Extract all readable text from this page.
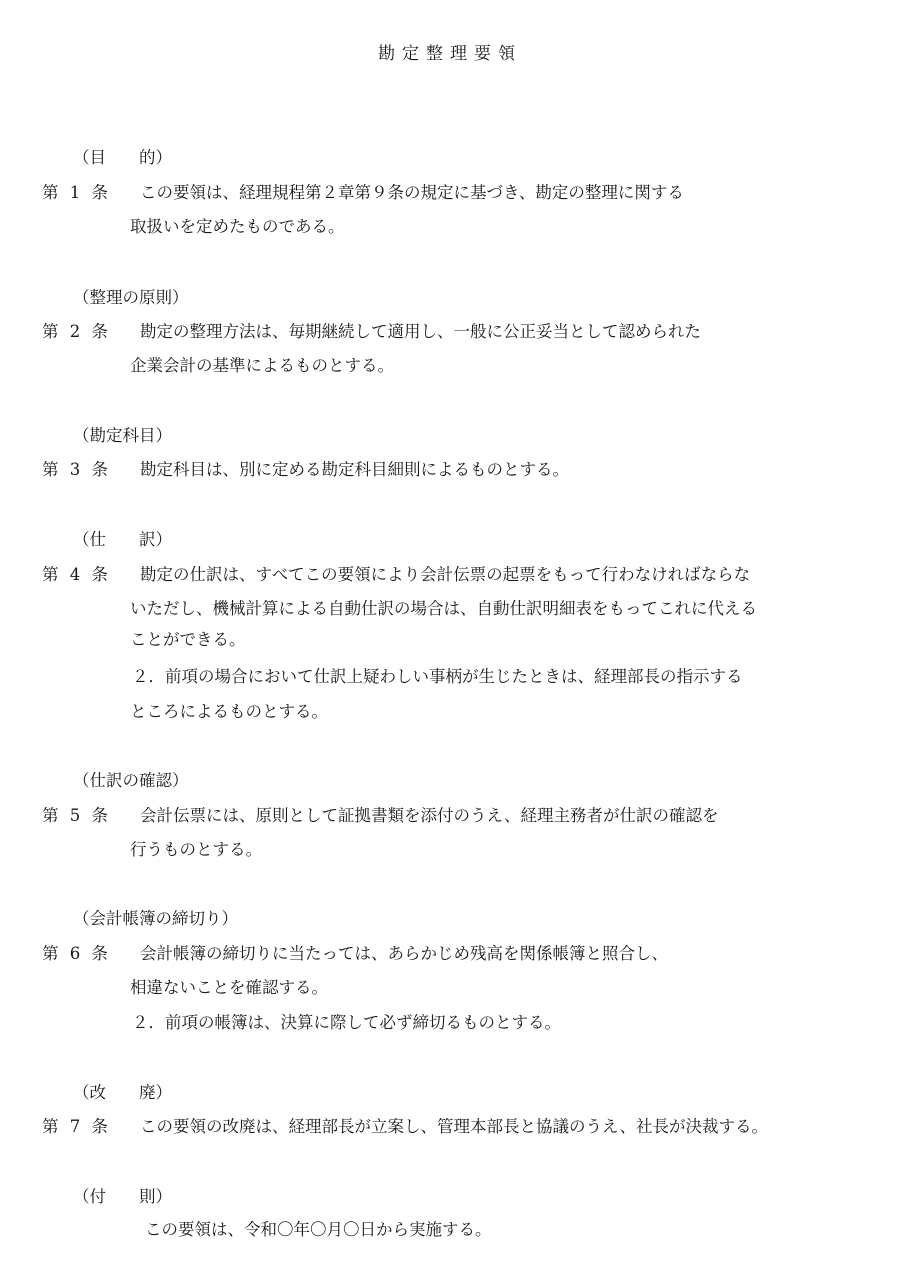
勘定整理要領
（目　　的）
第 1 条 この要領は、経理規程第２章第９条の規定に基づき、勘定の整理に関する
取扱いを定めたものである。
（整理の原則）
第 2 条 勘定の整理方法は、毎期継続して適用し、一般に公正妥当として認められた
企業会計の基準によるものとする。
（勘定科目）
第 3 条 勘定科目は、別に定める勘定科目細則によるものとする。
（仕　　訳）
第 4 条 勘定の仕訳は、すべてこの要領により会計伝票の起票をもって行わなければならな
いただし、機械計算による自動仕訳の場合は、自動仕訳明細表をもってこれに代える
ことができる。
２．前項の場合において仕訳上疑わしい事柄が生じたときは、経理部長の指示する
ところによるものとする。
（仕訳の確認）
第 5 条 会計伝票には、原則として証拠書類を添付のうえ、経理主務者が仕訳の確認を
行うものとする。
（会計帳簿の締切り）
第 6 条 会計帳簿の締切りに当たっては、あらかじめ残高を関係帳簿と照合し、
相違ないことを確認する。
２．前項の帳簿は、決算に際して必ず締切るものとする。
（改　　廃）
第 7 条 この要領の改廃は、経理部長が立案し、管理本部長と協議のうえ、社長が決裁する。
（付　　則）
この要領は、令和〇年〇月〇日から実施する。
